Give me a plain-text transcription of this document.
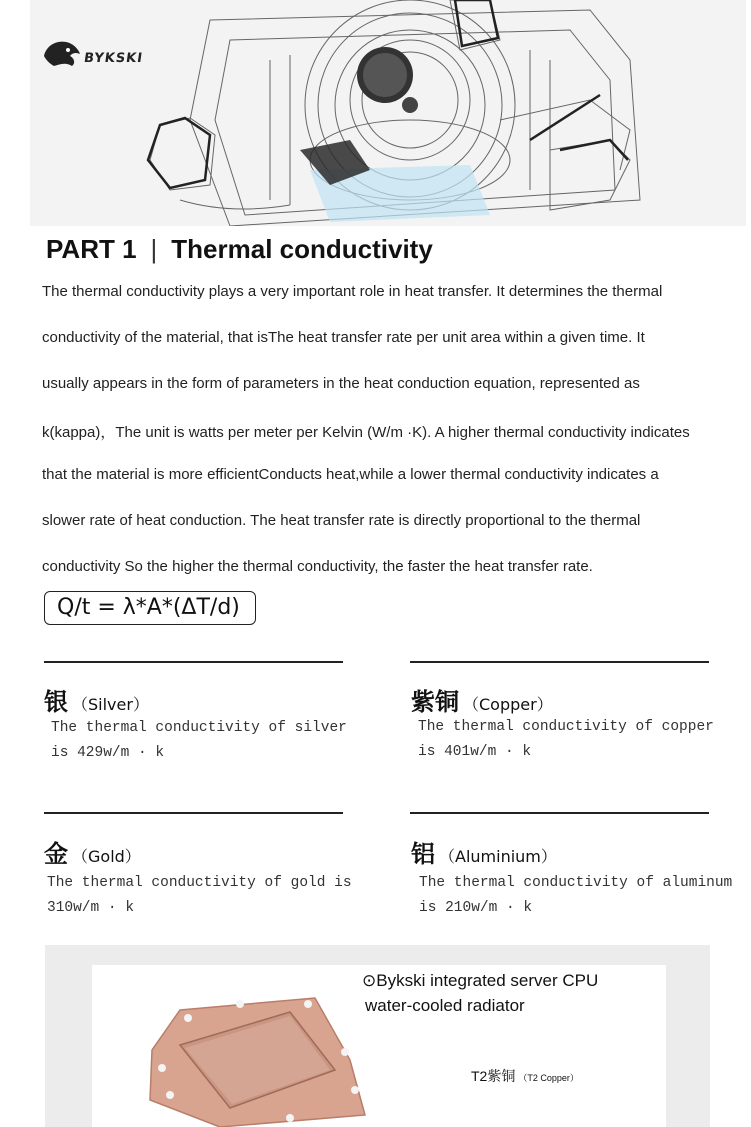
BYKSKI
PART 1 | Thermal conductivity
The thermal conductivity plays a very important role in heat transfer. It determines the thermal
conductivity of the material, that isThe heat transfer rate per unit area within a given time. It
usually appears in the form of parameters in the heat conduction equation, represented as
k(kappa)，The unit is watts per meter per Kelvin (W/m ·K). A higher thermal conductivity indicates
that the material is more efficientConducts heat,while a lower thermal conductivity indicates a
slower rate of heat conduction. The heat transfer rate is directly proportional to the thermal
conductivity So the higher the thermal conductivity, the faster the heat transfer rate.
Q/t = λ*A*(ΔT/d)
银 （Silver）
The thermal conductivity of silver
is 429w/m · k
紫铜 （Copper）
The thermal conductivity of copper
is 401w/m · k
金 （Gold）
The thermal conductivity of gold is
310w/m · k
铝 （Aluminium）
The thermal conductivity of aluminum
is 210w/m · k
⊙Bykski integrated server CPU
water-cooled radiator
T2紫铜 （T2 Copper）
